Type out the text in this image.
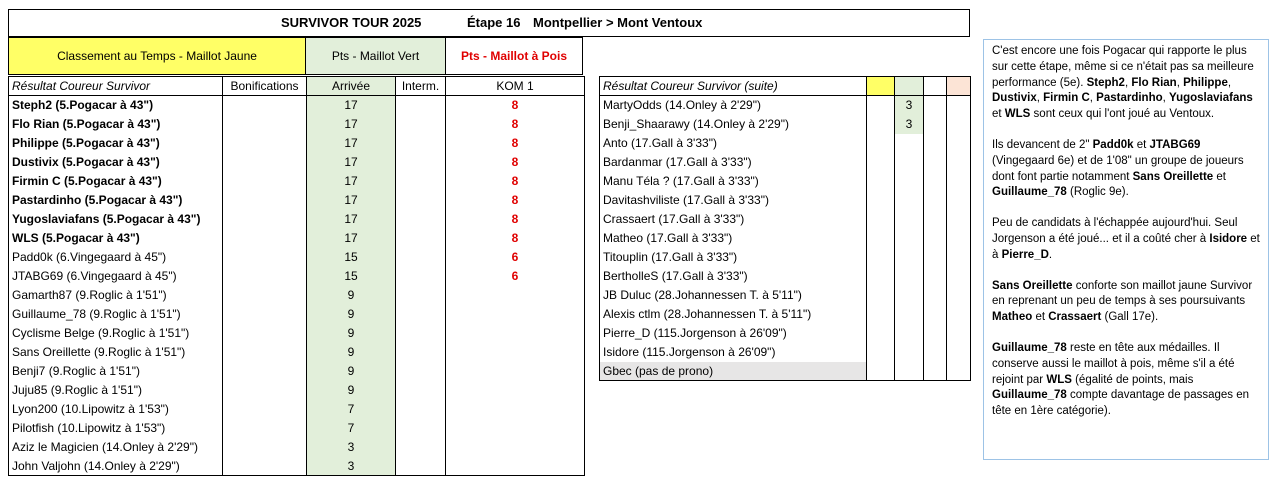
SURVIVOR TOUR 2025	Étape 16 Montpellier > Mont Ventoux
Classement au Temps - Maillot Jaune	Pts - Maillot Vert	Pts - Maillot à Pois
Résultat Coureur Survivor	Bonifications	Arrivée	Interm.	KOM 1
Steph2 (5.Pogacar à 43")		17		8
Flo Rian (5.Pogacar à 43")		17		8
Philippe (5.Pogacar à 43")		17		8
Dustivix (5.Pogacar à 43")		17		8
Firmin C (5.Pogacar à 43")		17		8
Pastardinho (5.Pogacar à 43")		17		8
Yugoslaviafans (5.Pogacar à 43")		17		8
WLS (5.Pogacar à 43")		17		8
Padd0k (6.Vingegaard à 45")		15		6
JTABG69 (6.Vingegaard à 45")		15		6
Gamarth87 (9.Roglic à 1'51")		9		
Guillaume_78 (9.Roglic à 1'51")		9		
Cyclisme Belge (9.Roglic à 1'51")		9		
Sans Oreillette (9.Roglic à 1'51")		9		
Benji7 (9.Roglic à 1'51")		9		
Juju85 (9.Roglic à 1'51")		9		
Lyon200 (10.Lipowitz à 1'53")		7		
Pilotfish (10.Lipowitz à 1'53")		7		
Aziz le Magicien (14.Onley à 2'29")		3		
John Valjohn (14.Onley à 2'29")		3		
Résultat Coureur Survivor (suite)				
MartyOdds (14.Onley à 2'29")		3		
Benji_Shaarawy (14.Onley à 2'29")		3		
Anto (17.Gall à 3'33")				
Bardanmar (17.Gall à 3'33")				
Manu Téla ? (17.Gall à 3'33")				
Davitashviliste (17.Gall à 3'33")				
Crassaert (17.Gall à 3'33")				
Matheo (17.Gall à 3'33")				
Titouplin (17.Gall à 3'33")				
BertholleS (17.Gall à 3'33")				
JB Duluc (28.Johannessen T. à 5'11")				
Alexis ctlm (28.Johannessen T. à 5'11")				
Pierre_D (115.Jorgenson à 26'09")				
Isidore (115.Jorgenson à 26'09")				
Gbec (pas de prono)				

C'est encore une fois Pogacar qui rapporte le plus sur cette étape, même si ce n'était pas sa meilleure performance (5e). Steph2, Flo Rian, Philippe, Dustivix, Firmin C, Pastardinho, Yugoslaviafans et WLS sont ceux qui l'ont joué au Ventoux.

Ils devancent de 2" Padd0k et JTABG69 (Vingegaard 6e) et de 1'08" un groupe de joueurs dont font partie notamment Sans Oreillette et Guillaume_78 (Roglic 9e).

Peu de candidats à l'échappée aujourd'hui. Seul Jorgenson a été joué... et il a coûté cher à Isidore et à Pierre_D.

Sans Oreillette conforte son maillot jaune Survivor en reprenant un peu de temps à ses poursuivants Matheo et Crassaert (Gall 17e).

Guillaume_78 reste en tête aux médailles. Il conserve aussi le maillot à pois, même s'il a été rejoint par WLS (égalité de points, mais Guillaume_78 compte davantage de passages en tête en 1ère catégorie).
